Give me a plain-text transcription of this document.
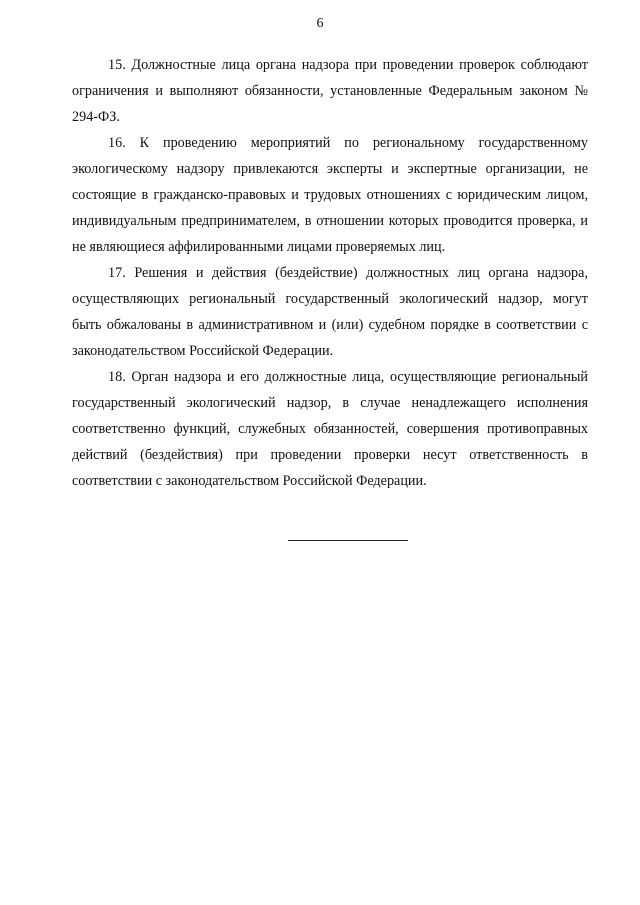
6

15. Должностные лица органа надзора при проведении проверок соблюдают ограничения и выполняют обязанности, установленные Федеральным законом № 294-ФЗ.

16. К проведению мероприятий по региональному государственному экологическому надзору привлекаются эксперты и экспертные организации, не состоящие в гражданско-правовых и трудовых отношениях с юридическим лицом, индивидуальным предпринимателем, в отношении которых проводится проверка, и не являющиеся аффилированными лицами проверяемых лиц.

17. Решения и действия (бездействие) должностных лиц органа надзора, осуществляющих региональный государственный экологический надзор, могут быть обжалованы в административном и (или) судебном порядке в соответствии с законодательством Российской Федерации.

18. Орган надзора и его должностные лица, осуществляющие региональный государственный экологический надзор, в случае ненадлежащего исполнения соответственно функций, служебных обязанностей, совершения противоправных действий (бездействия) при проведении проверки несут ответственность в соответствии с законодательством Российской Федерации.
